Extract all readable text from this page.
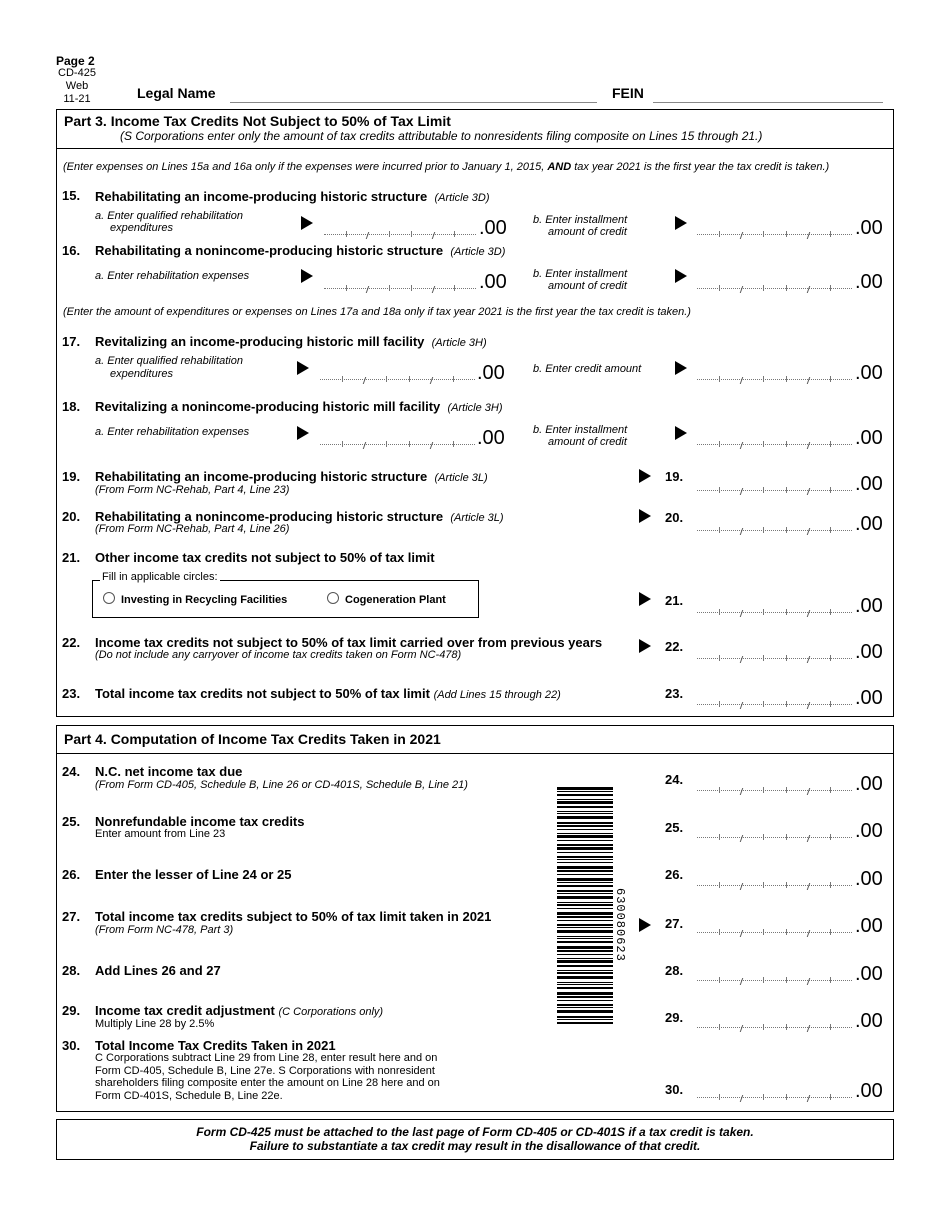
Page 2
CD-425
Web
11-21	Legal Name	FEIN
Part 3. Income Tax Credits Not Subject to 50% of Tax Limit
(S Corporations enter only the amount of tax credits attributable to nonresidents filing composite on Lines 15 through 21.)
(Enter expenses on Lines 15a and 16a only if the expenses were incurred prior to January 1, 2015, AND tax year 2021 is the first year the tax credit is taken.)
15. Rehabilitating an income-producing historic structure (Article 3D)
a. Enter qualified rehabilitation
expenditures	.00 b. Enter installment
amount of credit	.00
16. Rehabilitating a nonincome-producing historic structure (Article 3D)
a. Enter rehabilitation expenses	.00 b. Enter installment
amount of credit	.00
(Enter the amount of expenditures or expenses on Lines 17a and 18a only if tax year 2021 is the first year the tax credit is taken.)
17. Revitalizing an income-producing historic mill facility (Article 3H)
a. Enter qualified rehabilitation
expenditures	.00	b. Enter credit amount	.00
18. Revitalizing a nonincome-producing historic mill facility (Article 3H)
a. Enter rehabilitation expenses	.00	b. Enter installment
amount of credit	.00
19. Rehabilitating an income-producing historic structure (Article 3L)
(From Form NC-Rehab, Part 4, Line 23)
19.	.00
20. Rehabilitating a nonincome-producing historic structure (Article 3L)
(From Form NC-Rehab, Part 4, Line 26)
20.	.00
21. Other income tax credits not subject to 50% of tax limit
Fill in applicable circles:
Investing in Recycling Facilities	Cogeneration Plant	21.	.00
22. Income tax credits not subject to 50% of tax limit carried over from previous years
(Do not include any carryover of income tax credits taken on Form NC-478)
22.	.00
23. Total income tax credits not subject to 50% of tax limit (Add Lines 15 through 22)	23.	.00
Part 4. Computation of Income Tax Credits Taken in 2021
24. N.C. net income tax due
(From Form CD-405, Schedule B, Line 26 or CD-401S, Schedule B, Line 21)	24.	.00
25. Nonrefundable income tax credits
Enter amount from Line 23	25.	.00
26. Enter the lesser of Line 24 or 25	26.	.00
27. Total income tax credits subject to 50% of tax limit taken in 2021
(From Form NC-478, Part 3)	27.	.00
28. Add Lines 26 and 27	28.	.00
29. Income tax credit adjustment (C Corporations only)
Multiply Line 28 by 2.5%	29.	.00
30. Total Income Tax Credits Taken in 2021
C Corporations subtract Line 29 from Line 28, enter result here and on
Form CD-405, Schedule B, Line 27e. S Corporations with nonresident
shareholders filing composite enter the amount on Line 28 here and on
Form CD-401S, Schedule B, Line 22e.	30.	.00
630080623
Form CD-425 must be attached to the last page of Form CD-405 or CD-401S if a tax credit is taken.
Failure to substantiate a tax credit may result in the disallowance of that credit.
